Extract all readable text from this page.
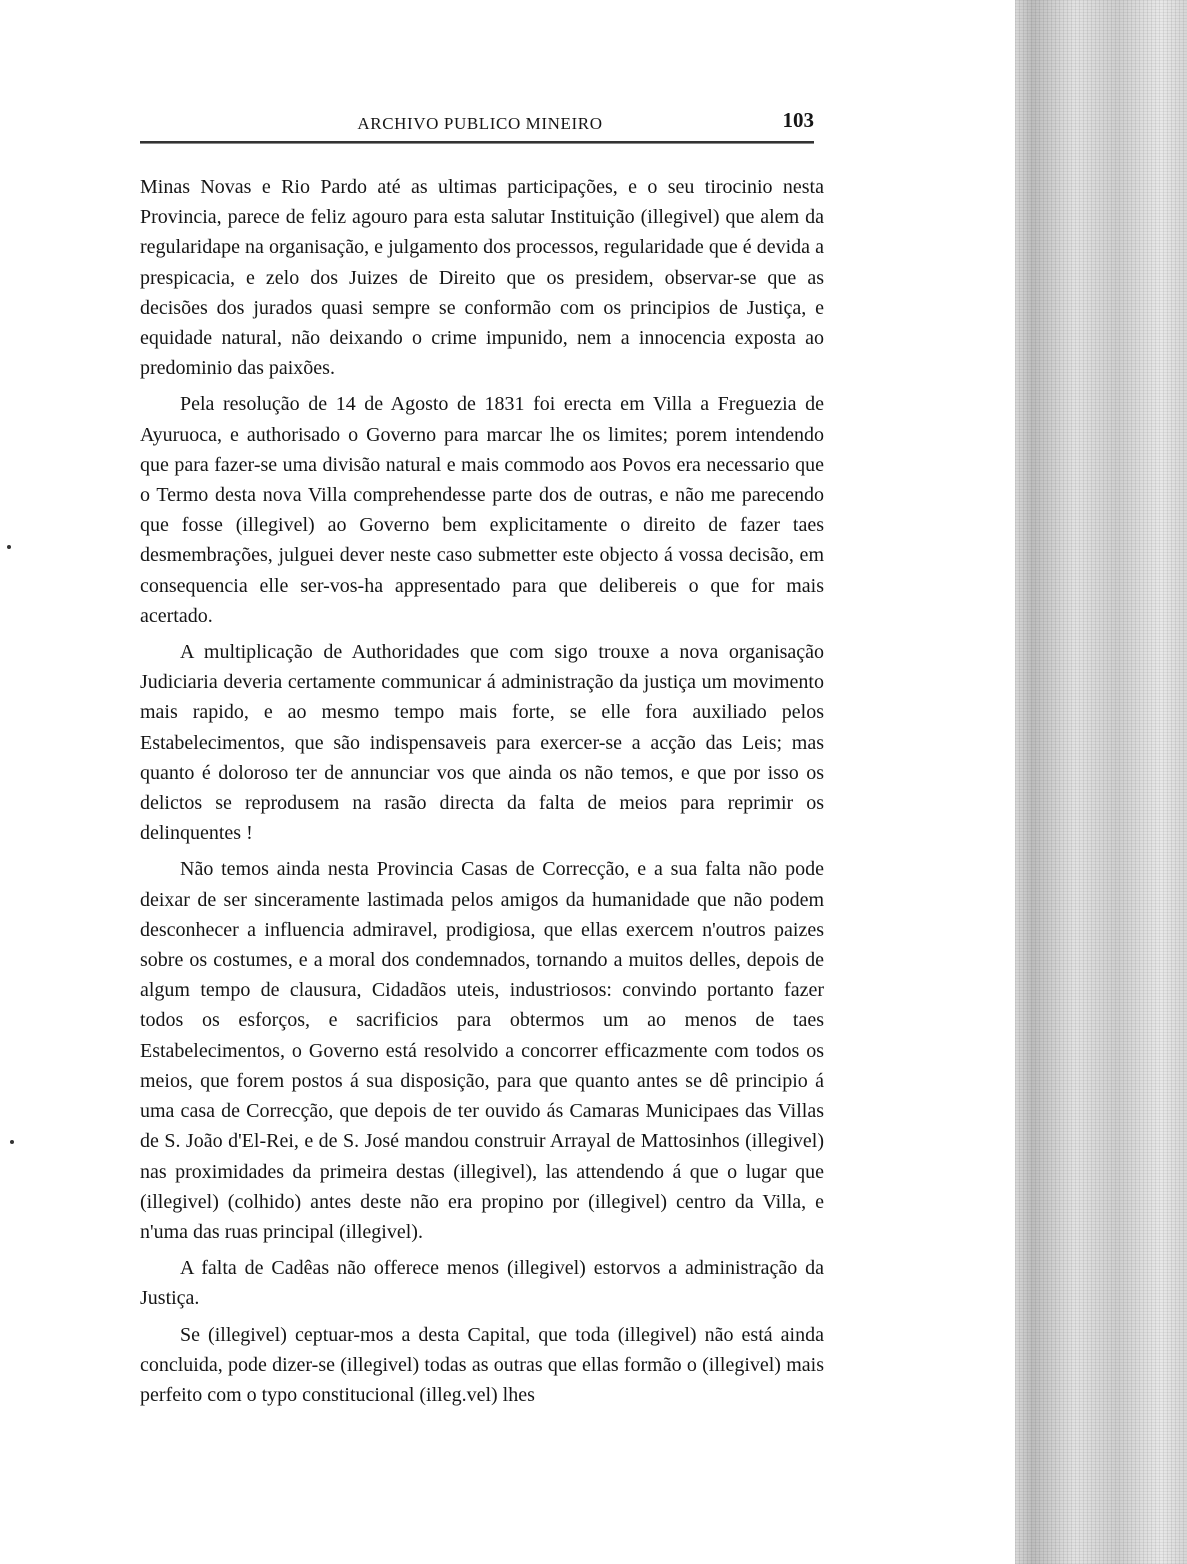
ARCHIVO PUBLICO MINEIRO	103

Minas Novas e Rio Pardo até as ultimas participações, e o seu tirocinio nesta Provincia, parece de feliz agouro para esta salutar Instituição (illegivel) que alem da regularidape na organisação, e julgamento dos processos, regularidade que é devida a prespicacia, e zelo dos Juizes de Direito que os presidem, observar-se que as decisões dos jurados quasi sempre se conformão com os principios de Justiça, e equidade natural, não deixando o crime impunido, nem a innocencia exposta ao predominio das paixões.

Pela resolução de 14 de Agosto de 1831 foi erecta em Villa a Freguezia de Ayuruoca, e authorisado o Governo para marcar lhe os limites; porem intendendo que para fazer-se uma divisão natural e mais commodo aos Povos era necessario que o Termo desta nova Villa comprehendesse parte dos de outras, e não me parecendo que fosse (illegivel) ao Governo bem explicitamente o direito de fazer taes desmembrações, julguei dever neste caso submetter este objecto á vossa decisão, em consequencia elle ser-vos-ha appresentado para que delibereis o que for mais acertado.

A multiplicação de Authoridades que com sigo trouxe a nova organisação Judiciaria deveria certamente communicar á administração da justiça um movimento mais rapido, e ao mesmo tempo mais forte, se elle fora auxiliado pelos Estabelecimentos, que são indispensaveis para exercer-se a acção das Leis; mas quanto é doloroso ter de annunciar vos que ainda os não temos, e que por isso os delictos se reprodusem na rasão directa da falta de meios para reprimir os delinquentes !

Não temos ainda nesta Provincia Casas de Correcção, e a sua falta não pode deixar de ser sinceramente lastimada pelos amigos da humanidade que não podem desconhecer a influencia admiravel, prodigiosa, que ellas exercem n'outros paizes sobre os costumes, e a moral dos condemnados, tornando a muitos delles, depois de algum tempo de clausura, Cidadãos uteis, industriosos: convindo portanto fazer todos os esforços, e sacrificios para obtermos um ao menos de taes Estabelecimentos, o Governo está resolvido a concorrer efficazmente com todos os meios, que forem postos á sua disposição, para que quanto antes se dê principio á uma casa de Correcção, que depois de ter ouvido ás Camaras Municipaes das Villas de S. João d'El-Rei, e de S. José mandou construir Arrayal de Mattosinhos (illegivel) nas proximidades da primeira destas (illegivel), las attendendo á que o lugar que (illegivel) (colhido) antes deste não era propino por (illegivel) centro da Villa, e n'uma das ruas principal (illegivel).

A falta de Cadêas não offerece menos (illegivel) estorvos a administração da Justiça.

Se (illegivel) ceptuar-mos a desta Capital, que toda (illegivel) não está ainda concluida, pode dizer-se (illegivel) todas as outras que ellas formão o (illegivel) mais perfeito com o typo constitucional (illeg.vel) lhes
